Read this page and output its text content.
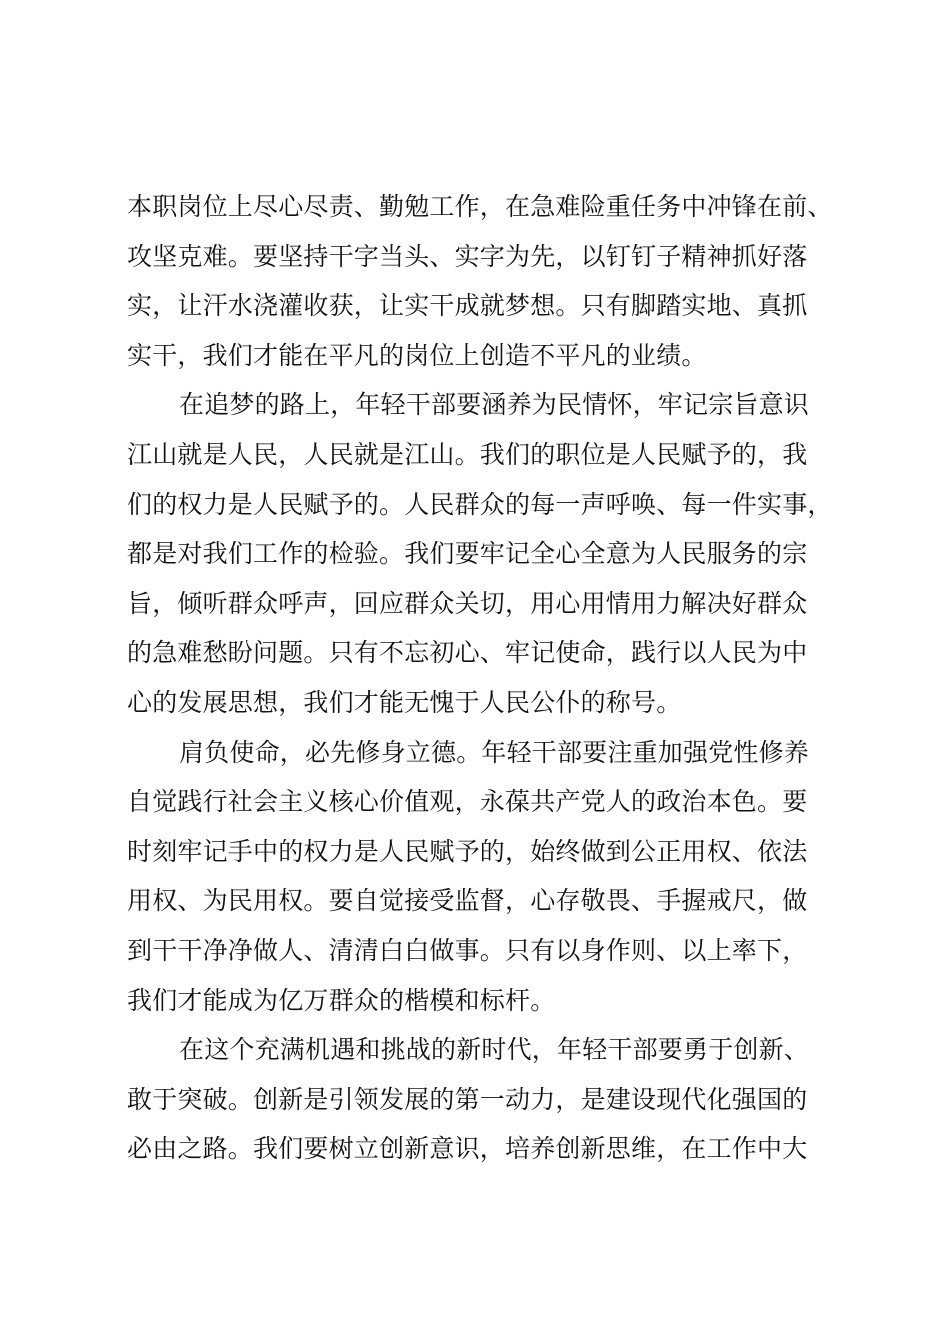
本职岗位上尽心尽责、勤勉工作，在急难险重任务中冲锋在前、
攻坚克难。要坚持干字当头、实字为先，以钉钉子精神抓好落
实，让汗水浇灌收获，让实干成就梦想。只有脚踏实地、真抓
实干，我们才能在平凡的岗位上创造不平凡的业绩。
在追梦的路上，年轻干部要涵养为民情怀，牢记宗旨意识
江山就是人民，人民就是江山。我们的职位是人民赋予的，我
们的权力是人民赋予的。人民群众的每一声呼唤、每一件实事，
都是对我们工作的检验。我们要牢记全心全意为人民服务的宗
旨，倾听群众呼声，回应群众关切，用心用情用力解决好群众
的急难愁盼问题。只有不忘初心、牢记使命，践行以人民为中
心的发展思想，我们才能无愧于人民公仆的称号。
肩负使命，必先修身立德。年轻干部要注重加强党性修养
自觉践行社会主义核心价值观，永葆共产党人的政治本色。要
时刻牢记手中的权力是人民赋予的，始终做到公正用权、依法
用权、为民用权。要自觉接受监督，心存敬畏、手握戒尺，做
到干干净净做人、清清白白做事。只有以身作则、以上率下，
我们才能成为亿万群众的楷模和标杆。
在这个充满机遇和挑战的新时代，年轻干部要勇于创新、
敢于突破。创新是引领发展的第一动力，是建设现代化强国的
必由之路。我们要树立创新意识，培养创新思维，在工作中大
